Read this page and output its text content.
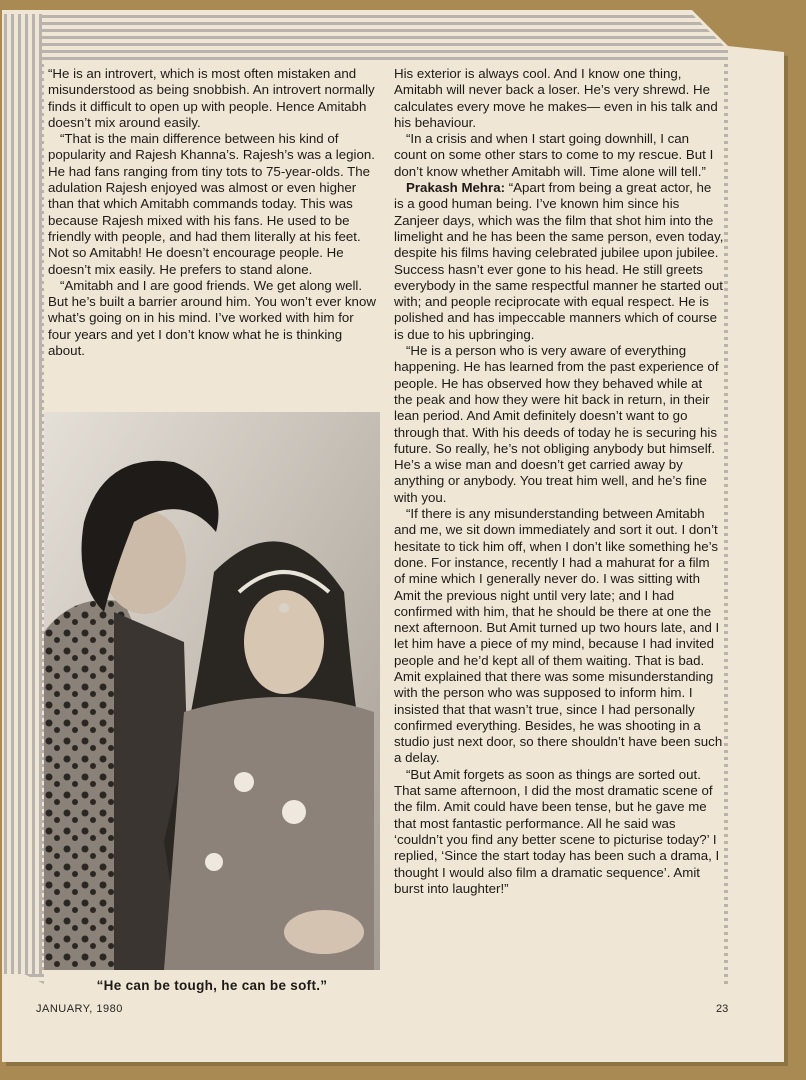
“He is an introvert, which is most often mistaken and misunderstood as being snobbish. An introvert normally finds it difficult to open up with people. Hence Amitabh doesn’t mix around easily.

“That is the main difference between his kind of popularity and Rajesh Khanna’s. Rajesh’s was a legion. He had fans ranging from tiny tots to 75-year-olds. The adulation Rajesh enjoyed was almost or even higher than that which Amitabh commands today. This was because Rajesh mixed with his fans. He used to be friendly with people, and had them literally at his feet. Not so Amitabh! He doesn’t encourage people. He doesn’t mix easily. He prefers to stand alone.

“Amitabh and I are good friends. We get along well. But he’s built a barrier around him. You won’t ever know what’s going on in his mind. I’ve worked with him for four years and yet I don’t know what he is thinking about.

“He can be tough, he can be soft.”

His exterior is always cool. And I know one thing, Amitabh will never back a loser. He’s very shrewd. He calculates every move he makes— even in his talk and his behaviour.

“In a crisis and when I start going downhill, I can count on some other stars to come to my rescue. But I don’t know whether Amitabh will. Time alone will tell.”

Prakash Mehra: “Apart from being a great actor, he is a good human being. I’ve known him since his Zanjeer days, which was the film that shot him into the limelight and he has been the same person, even today, despite his films having celebrated jubilee upon jubilee. Success hasn’t ever gone to his head. He still greets everybody in the same respectful manner he started out with; and people reciprocate with equal respect. He is polished and has impeccable manners which of course is due to his upbringing.

“He is a person who is very aware of everything happening. He has learned from the past experience of people. He has observed how they behaved while at the peak and how they were hit back in return, in their lean period. And Amit definitely doesn’t want to go through that. With his deeds of today he is securing his future. So really, he’s not obliging anybody but himself. He’s a wise man and doesn’t get carried away by anything or anybody. You treat him well, and he’s fine with you.

“If there is any misunderstanding between Amitabh and me, we sit down immediately and sort it out. I don’t hesitate to tick him off, when I don’t like something he’s done. For instance, recently I had a mahurat for a film of mine which I generally never do. I was sitting with Amit the previous night until very late; and I had confirmed with him, that he should be there at one the next afternoon. But Amit turned up two hours late, and I let him have a piece of my mind, because I had invited people and he’d kept all of them waiting. That is bad. Amit explained that there was some misunderstanding with the person who was supposed to inform him. I insisted that that wasn’t true, since I had personally confirmed everything. Besides, he was shooting in a studio just next door, so there shouldn’t have been such a delay.

“But Amit forgets as soon as things are sorted out. That same afternoon, I did the most dramatic scene of the film. Amit could have been tense, but he gave me that most fantastic performance. All he said was ‘couldn’t you find any better scene to picturise today?’ I replied, ‘Since the start today has been such a drama, I thought I would also film a dramatic sequence’. Amit burst into laughter!”

JANUARY, 1980	23
